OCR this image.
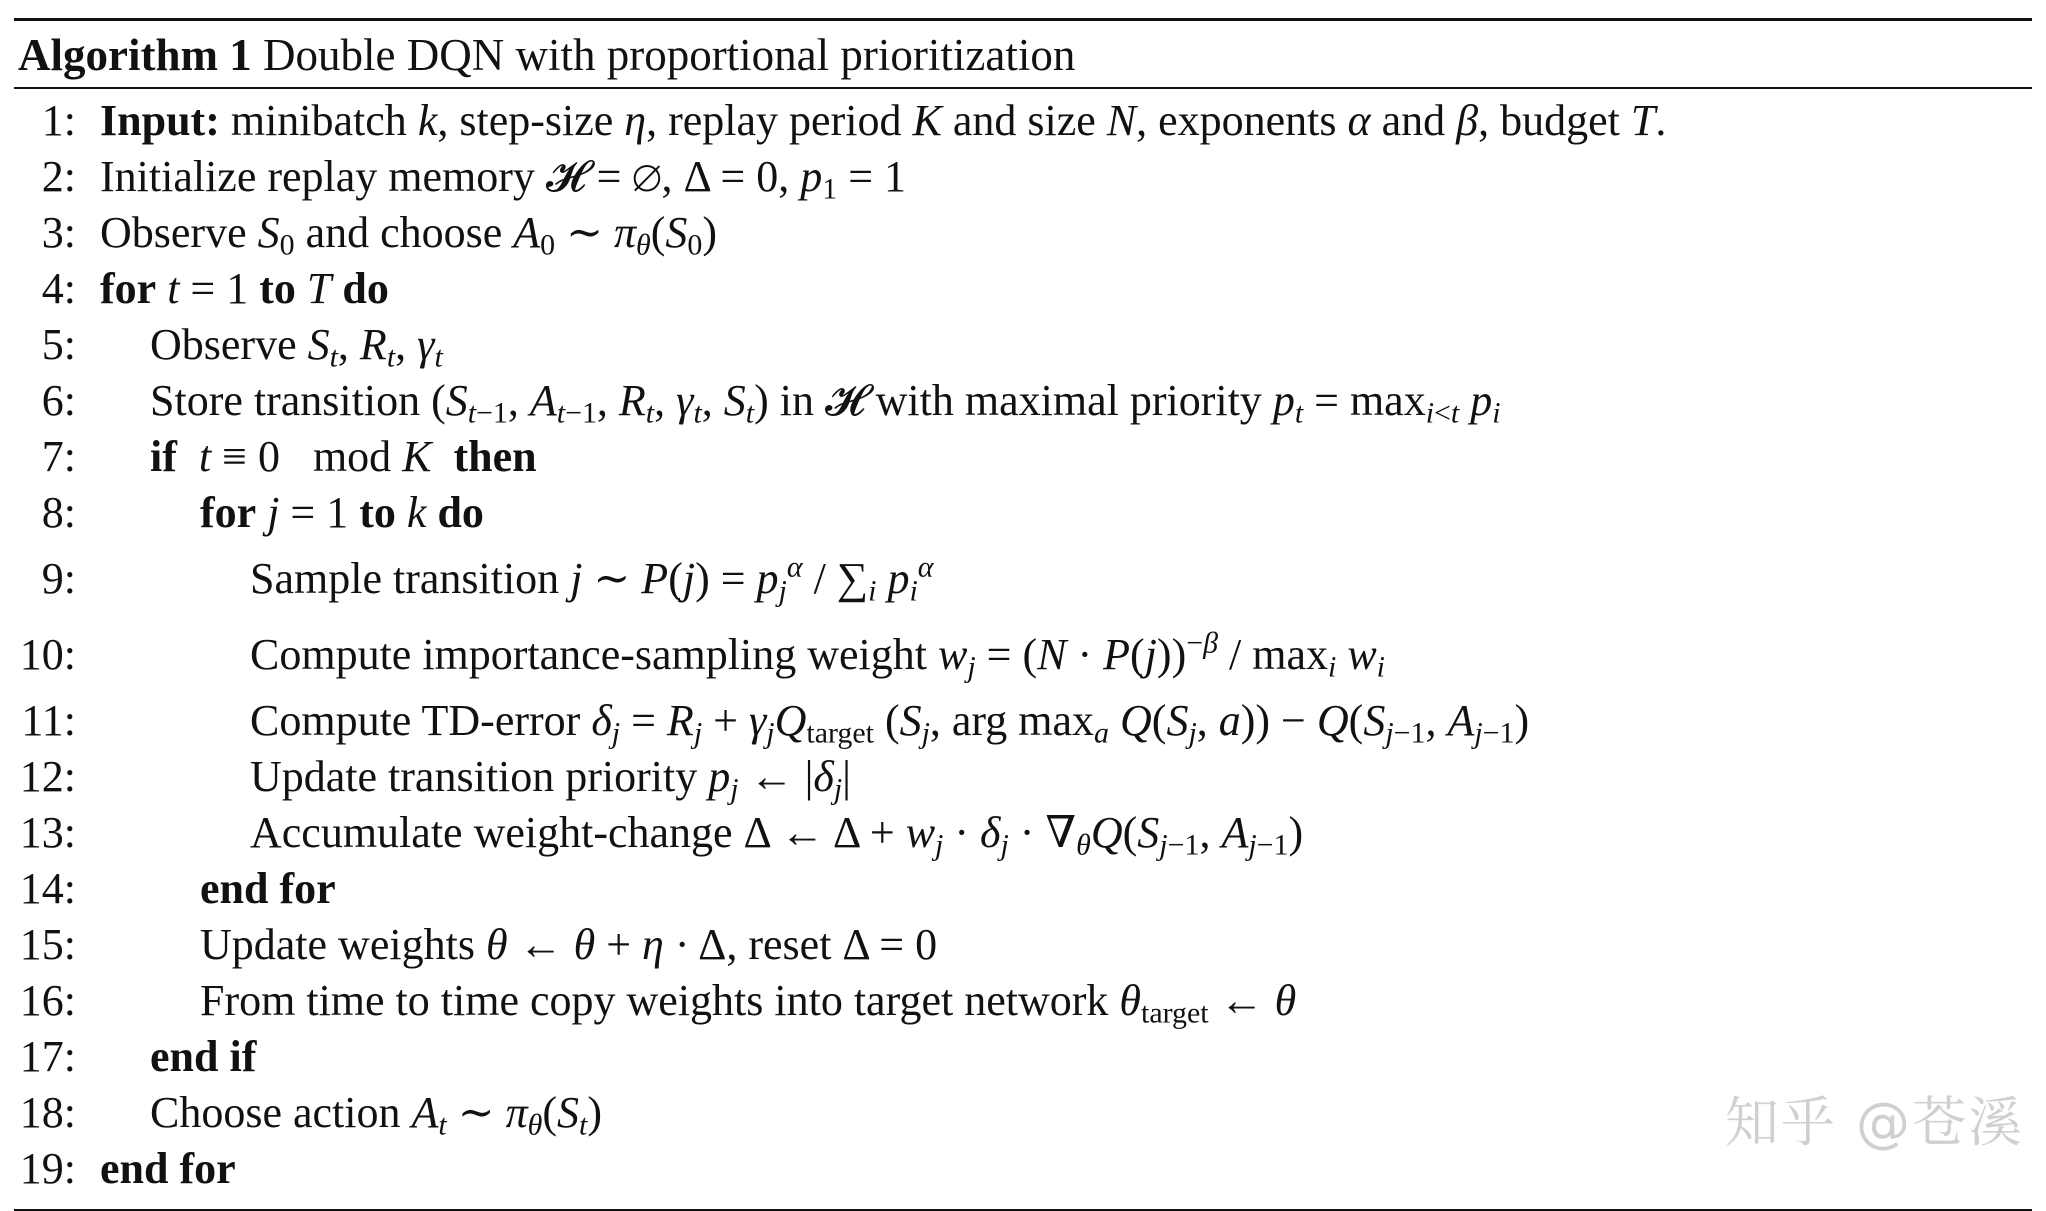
Algorithm 1 Double DQN with proportional prioritization
1: Input: minibatch k, step-size η, replay period K and size N, exponents α and β, budget T.
2: Initialize replay memory 𝓗 = ∅, Δ = 0, $p_1 = 1$
3: Observe $S_0$ and choose $A_0$ ∼ $\pi_\theta(S_0)$
4: for t = 1 to T do
5: Observe $S_t$, $R_t$, $\gamma_t$
6: Store transition ($S_{t-1}$, $A_{t-1}$, $R_t$, $\gamma_t$, $S_t$) in 𝓗 with maximal priority $p_t = \max_{i<t} p_i$
7: if t ≡ 0   mod K then
8:	for j = 1 to k do
9:	Sample transition j ∼ $P(j) = p_j^\alpha / \sum_i$ $p_i^\alpha$
10:	Compute importance-sampling weight $w_j = (N \cdot P(j))^{-\beta} / \max_i w_i$
11:	Compute TD-error $\delta_j = R_j + \gamma_jQ_{target}$ ($S_j$, arg $\max_a Q(S_j$, $a)) - Q(S_{j-1}$, $A_{j-1}$)
12:	Update transition priority $p_j$ ← $|\delta_j|$
13:	Accumulate weight-change Δ ← $\Delta + w_j \cdot \delta_j \cdot \nabla_\theta Q(S_{j-1}$, $A_{j-1}$)
14:	end for
15:	Update weights θ ← θ + η · Δ, reset Δ = 0
16:	From time to time copy weights into target network $\theta_{target}$ ← θ
17: end if
18: Choose action $A_t$ ∼ $\pi_\theta(S_t)$
19: end for
知乎 @苍溪
